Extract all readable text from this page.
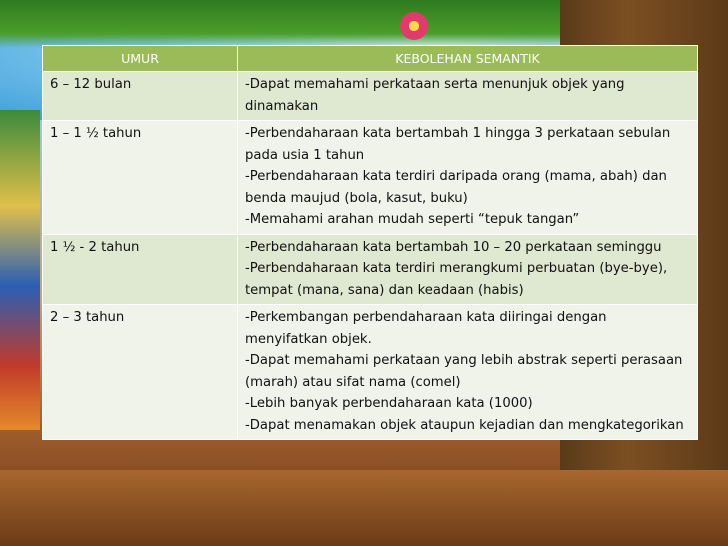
UMUR	KEBOLEHAN SEMANTIK
6 – 12 bulan	-Dapat memahami perkataan serta menunjuk objek yang dinamakan

1 – 1 ½ tahun	-Perbendaharaan kata bertambah 1 hingga 3 perkataan sebulan pada usia 1 tahun
-Perbendaharaan kata terdiri daripada orang (mama, abah) dan benda maujud (bola, kasut, buku)
-Memahami arahan mudah seperti “tepuk tangan”

1 ½ - 2 tahun	-Perbendaharaan kata bertambah 10 – 20 perkataan seminggu
-Perbendaharaan kata terdiri merangkumi perbuatan (bye-bye), tempat (mana, sana) dan keadaan (habis)

2 – 3 tahun	-Perkembangan perbendaharaan kata diiringai dengan menyifatkan objek.
-Dapat memahami perkataan yang lebih abstrak seperti perasaan (marah) atau sifat nama (comel)
-Lebih banyak perbendaharaan kata (1000)
-Dapat menamakan objek ataupun kejadian dan mengkategorikan
